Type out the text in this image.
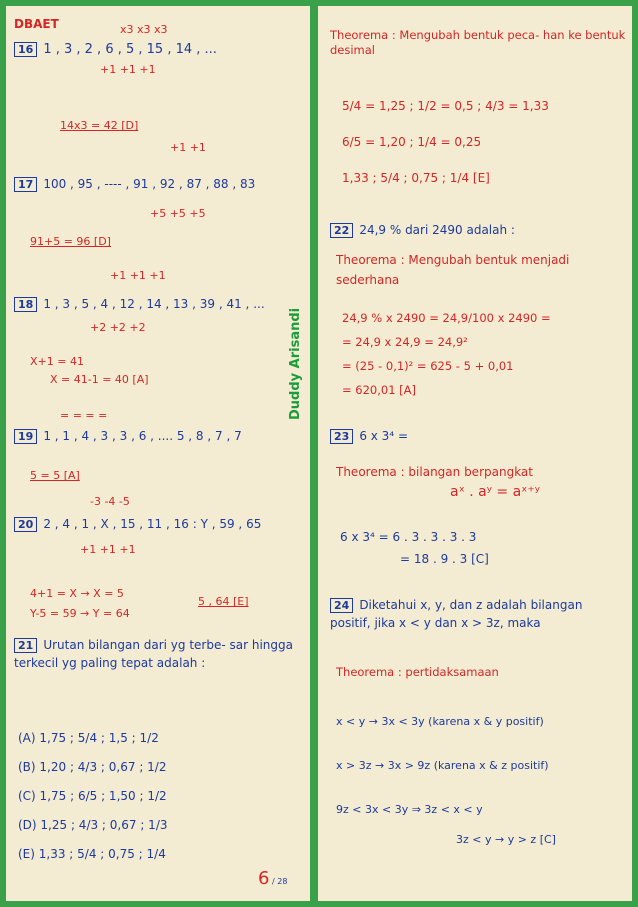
DBAET	x3 x3 x3
16 1 , 3 , 2 , 6 , 5 , 15 , 14 , ...
+1 +1 +1
14x3 = 42 [D]
+1 +1
17 100 , 95 , ---- , 91 , 92 , 87 , 88 , 83
+5 +5 +5
91+5 = 96 [D]
+1 +1 +1
18 1 , 3 , 5 , 4 , 12 , 14 , 13 , 39 , 41 , ...
+2 +2 +2
X+1 = 41
X = 41-1 = 40 [A]
= = = =
19 1 , 1 , 4 , 3 , 3 , 6 , .... 5 , 8 , 7 , 7
5 = 5 [A]
-3 -4 -5
20 2 , 4 , 1 , X , 15 , 11 , 16 : Y , 59 , 65
+1 +1 +1
4+1 = X → X = 5
Y-5 = 59 → Y = 64
5 , 64 [E]
21 Urutan bilangan dari yg terbe- sar hingga terkecil yg paling tepat adalah :
(A) 1,75 ; 5/4 ; 1,5 ; 1/2
(B) 1,20 ; 4/3 ; 0,67 ; 1/2
(C) 1,75 ; 6/5 ; 1,50 ; 1/2
(D) 1,25 ; 4/3 ; 0,67 ; 1/3
(E) 1,33 ; 5/4 ; 0,75 ; 1/4
Duddy Arisandi
6 / 28
Theorema : Mengubah bentuk peca- han ke bentuk desimal
5/4 = 1,25 ; 1/2 = 0,5 ; 4/3 = 1,33
6/5 = 1,20 ; 1/4 = 0,25
1,33 ; 5/4 ; 0,75 ; 1/4 [E]
22 24,9 % dari 2490 adalah :
Theorema : Mengubah bentuk menjadi sederhana
24,9 % x 2490 = 24,9/100 x 2490 =
= 24,9 x 24,9 = 24,9²
= (25 - 0,1)² = 625 - 5 + 0,01
= 620,01 [A]
23 6 x 3⁴ =
Theorema : bilangan berpangkat
aˣ . aʸ = aˣ⁺ʸ
6 x 3⁴ = 6 . 3 . 3 . 3 . 3
= 18 . 9 . 3 [C]
24 Diketahui x, y, dan z adalah bilangan positif, jika x < y dan x > 3z, maka
Theorema : pertidaksamaan
x < y → 3x < 3y (karena x & y positif)
x > 3z → 3x > 9z (karena x & z positif)
9z < 3x < 3y ⇒ 3z < x < y
3z < y → y > z [C]
